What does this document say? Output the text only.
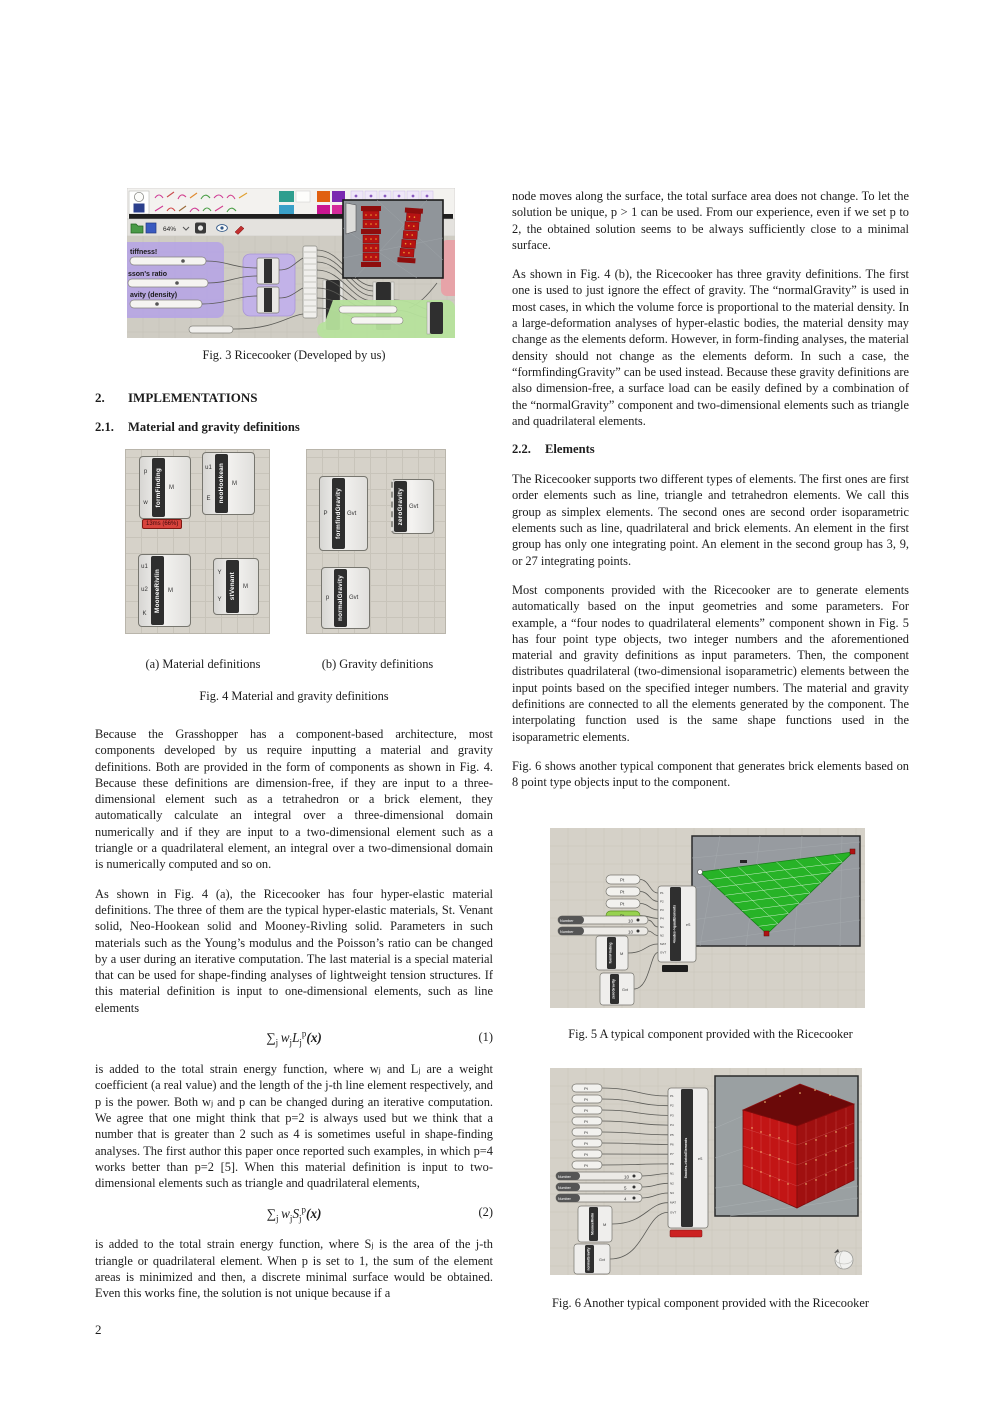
64%
tiffness!
sson's ratio
avity (density)
Fig. 3 Ricecooker (Developed by us)
2.	IMPLEMENTATIONS
2.1.	Material and gravity definitions
p
w formFinding M
13ms (66%)
u1
E neoHookean M
u1
u2
K
MooneeRivlin M
Y
Y stVenant M
P formfindGravity Gvt	zeroGravity Gvt
p normalGravity Gvt
(a) Material definitions	(b) Gravity definitions
Fig. 4 Material and gravity definitions

Because the Grasshopper has a component-based architecture, most components developed by us require inputting a material and gravity definitions. Both are provided in the form of components as shown in Fig. 4. Because these definitions are dimension-free, if they are input to a three-dimensional element such as a tetrahedron or a brick element, they automatically calculate an integral over a three-dimensional domain numerically and if they are input to a two-dimensional element such as a triangle or a quadrilateral element, an integral over a two-dimensional domain is numerically computed and so on.

As shown in Fig. 4 (a), the Ricecooker has four hyper-elastic material definitions. The three of them are the typical hyper-elastic materials, St. Venant solid, Neo-Hookean solid and Mooney-Rivling solid. Parameters in such materials such as the Young’s modulus and the Poisson’s ratio can be changed by a user during an iterative computation. The last material is a special material that can be used for shape-finding analyses of lightweight tension structures. If this material definition is input to one-dimensional elements, such as line elements

$\sum_j$  $w_jL_j^p(x)$	(1)

is added to the total strain energy function, where wⱼ and Lⱼ are a weight coefficient (a real value) and the length of the j-th line element respectively, and p is the power. Both wⱼ and p can be changed during an iterative computation. We agree that one might think that p=2 is always used but we think that a number that is greater than 2 such as 4 is sometimes useful in shape-finding analyses. The first author this paper once reported such examples, in which p=4 works better than p=2 [5]. When this material definition is input to two-dimensional elements such as triangle and quadrilateral elements,

$\sum_j$  $w_jS_j^p(x)$	(2)

is added to the total strain energy function, where Sⱼ is the area of the j-th triangle or quadrilateral element. When p is set to 1, the sum of the element areas is minimized and then, a discrete minimal surface would be obtained. Even this works fine, the solution is not unique because if a

node moves along the surface, the total surface area does not change. To let the solution be unique, p > 1 can be used. From our experience, even if we set p to 2, the obtained solution seems to be always sufficiently close to a minimal surface.

As shown in Fig. 4 (b), the Ricecooker has three gravity definitions. The first one is used to just ignore the effect of gravity. The “normalGravity” is used in most cases, in which the volume force is proportional to the material density. In a large-deformation analyses of hyper-elastic bodies, the material density may change as the elements deform. However, in form-finding analyses, the material density should not change as the elements deform. In such a case, the “formfindingGravity” can be used instead. Because these gravity definitions are also dimension-free, a surface load can be easily defined by a combination of the “normalGravity” component and two-dimensional elements such as triangle and quadrilateral elements.

2.2.	Elements

The Ricecooker supports two different types of elements. The first ones are first order elements such as line, triangle and tetrahedron elements. We call this group as simplex elements. The second ones are second order isoparametric elements such as line, quadrilateral and brick elements. An element in the first group has only one integrating point. An element in the second group has 3, 9, or 27 integrating points.

Most components provided with the Ricecooker are to generate elements automatically based on the input geometries and some parameters. For example, a “four nodes to quadrilateral elements” component shown in Fig. 5 has four point type objects, two integer numbers and the aforementioned material and gravity definitions as input parameters. Then, the component distributes quadrilateral (two-dimensional isoparametric) elements between the input points based on the specified integer numbers. The material and gravity definitions are connected to all the elements generated by the component. The interpolating function used is the same shape functions used in the isoparametric elements.

Fig. 6 shows another typical component that generates brick elements based on 8 point type objects input to the component.

Pt
Pt
Pt
Number	10
Number	10
formFinding M
zeroGravity Gvt
4nodes->quadElements
P1
P2
P3
P4
N1
N2
MAT
GVT
eS
Fig. 5 A typical component provided with the Ricecooker
Pt
Pt
Pt
Pt
Pt
Pt
Pt
Pt
Number	10
Number	5
Number	4
MooneeRivlin M
normalGravity Gvt
8nodes->brickElements
P1
P2
P3
P4
P5
P6
P7
P8
N1
N2
N3
MAT
GVT
eS
Fig. 6 Another typical component provided with the Ricecooker
2
